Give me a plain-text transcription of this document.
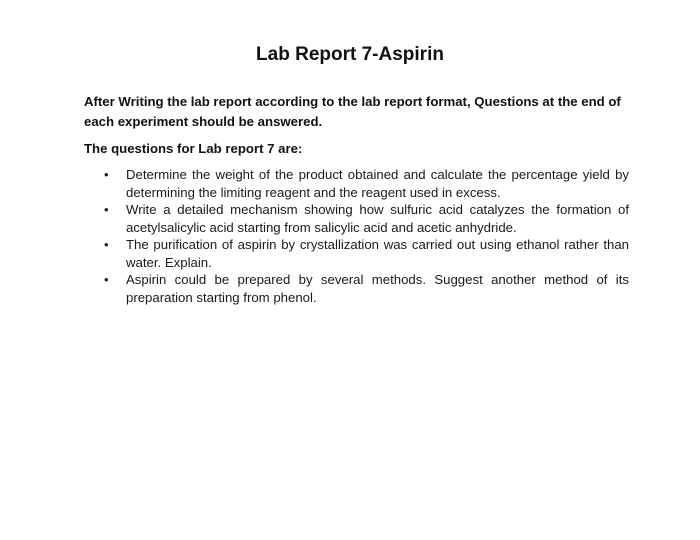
Lab Report 7-Aspirin

After Writing the lab report according to the lab report format, Questions at the end of each experiment should be answered.

The questions for Lab report 7 are:

• Determine the weight of the product obtained and calculate the percentage yield by determining the limiting reagent and the reagent used in excess.
• Write a detailed mechanism showing how sulfuric acid catalyzes the formation of acetylsalicylic acid starting from salicylic acid and acetic anhydride.
• The purification of aspirin by crystallization was carried out using ethanol rather than water. Explain.
• Aspirin could be prepared by several methods. Suggest another method of its preparation starting from phenol.
